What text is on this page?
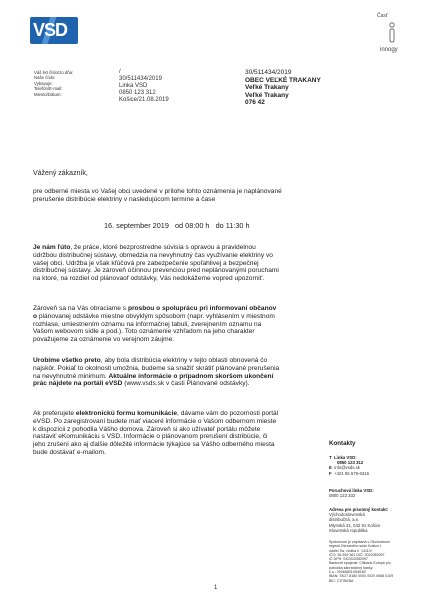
VSD
Časť
innogy
Váš list číslo/zo dňa:
Naše číslo:
Vybavuje:
Telefón/E-mail:
Miesto/Dátum:
/
30/511434/2019
Linka VSD
0850 123 312
Košice/21.08.2019
30/511434/2019
OBEC VEĽKÉ TRAKANY
Veľké Trakany
Veľké Trakany
076 42
Vážený zákazník,
pre odberné miesta vo Vašej obci uvedené v prílohe tohto oznámenia je naplánované prerušenie distribúcie elektriny v nasledujúcom termíne a čase
16. september 2019 od 08:00 h do 11:30 h
Je nám ľúto, že práce, ktoré bezprostredne súvisia s opravou a pravidelnou údržbou distribučnej sústavy, obmedzia na nevyhnutný čas využívanie elektriny vo vašej obci. Udržba je však kľúčová pre zabezpečenie spoľahlivej a bezpečnej distribučnej sústavy. Je zároveň účinnou prevenciou pred neplánovanými poruchami na ktoré, na rozdiel od plánovaof odstávky, Vás nedokážeme vopred upozorniť.
Zároveň sa na Vás obraciame s prosbou o spoluprácu pri informovaní občanov o plánovanej odstávke miestne obvyklým spôsobom (napr. vyhlásením v miestnom rozhlase, umiestnením oznamu na informačnej tabuli, zverejnením oznamu na Vašom webovom sídle a pod.). Toto oznámenie vzhľadom na jeho charakter považujeme za oznámenie vo verejnom záujme.
Urobíme všetko preto, aby bola distribúcia elektriny v tejto oblasti obnovená čo najskôr. Pokiaľ to okolnosti umožnia, budeme sa snažiť skrátiť plánované prerušenia na nevyhnutné minimum. Aktuálne informácie o prípadnom skoršom ukončení prác nájdete na portáli eVSD (www.vsds.sk v časti Plánované odstávky).
Ak preferujete elektronickú formu komunikácie, dávame vám do pozornosti portál eVSD. Po zaregistrovaní budete mať viaceré informácie o Vašom odbernom mieste k dispozícii z pohodlia Vášho domova. Zároveň si ako užívateľ portálu môžete nastaviť eKomunikáciu s VSD. Informácie o plánovanom prerušení distribúcie, či jeho zrušení ako aj ďalšie dôležité informácie týkajúce sa Vášho odberného miesta bude dostávať e-mailom.
Kontakty
T Linka VSD:
0850 123 312
E info@vsds.sk
F +421 55 678-6316
Poruchová linka VSD:
0800 123 332
Adresa pre písomný kontakt:
Východoslovenská
distribučná, a.s.
Mlynská 31, 042 91 Košice
Slovenská republika
Spoločnosť je zapísaná v Obchodnom
registri Okresného súdu Košice I,
oddiel Sa, vložka č. 1411/V
IČO: 36 599 361 DIČ: 2022082997
IČ DPH: SK2022082997
Bankové spojenie: Citibank Europe plc,
pobočka zahraničnej banky
č.ú.: 2006680109/8180
IBAN: SK27 8180 0000 0020 0668 0109
BIC: CITISKBA
1
